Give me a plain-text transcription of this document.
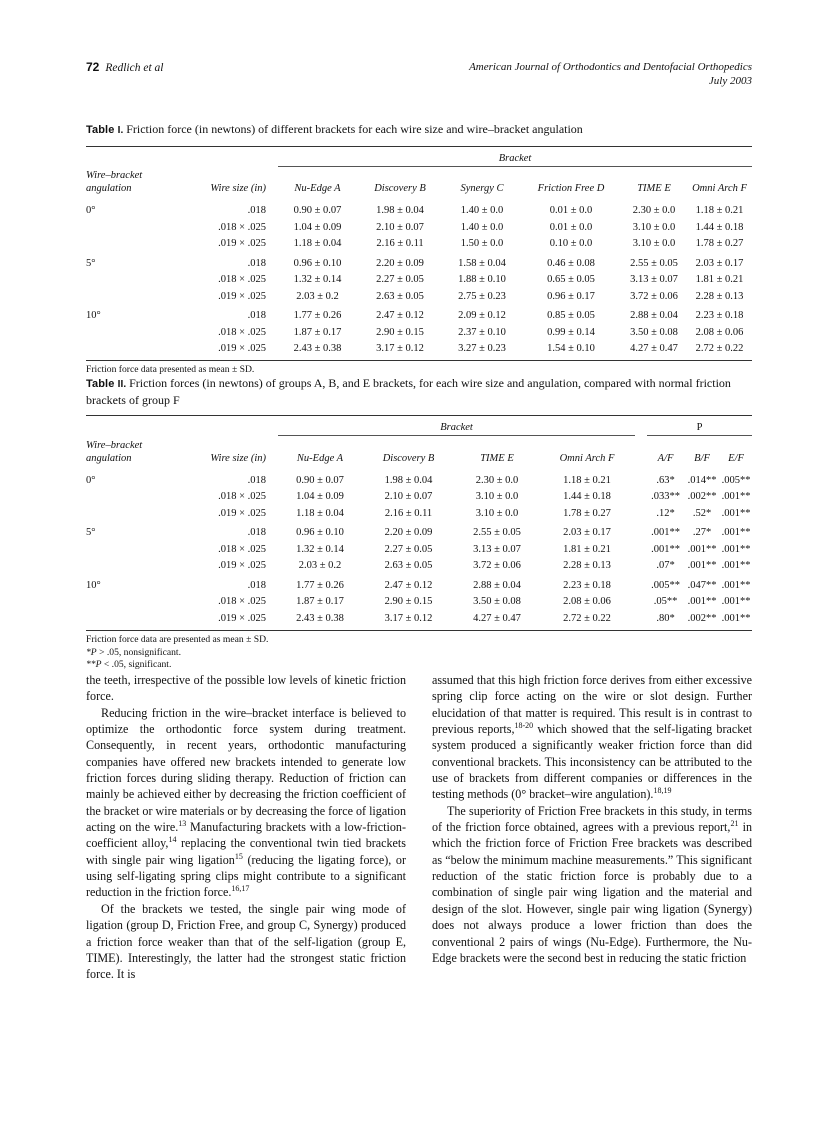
72 Redlich et al	American Journal of Orthodontics and Dentofacial Orthopedics
July 2003
Table I. Friction force (in newtons) of different brackets for each wire size and wire–bracket angulation
		Bracket					

Wire–bracket
angulation	Wire size (in)	Nu-Edge A	Discovery B	Synergy C	Friction Free D	TIME E	Omni Arch F
0°	.018	0.90 ± 0.07	1.98 ± 0.04	1.40 ± 0.0	0.01 ± 0.0	2.30 ± 0.0	1.18 ± 0.21
	.018 × .025	1.04 ± 0.09	2.10 ± 0.07	1.40 ± 0.0	0.01 ± 0.0	3.10 ± 0.0	1.44 ± 0.18
	.019 × .025	1.18 ± 0.04	2.16 ± 0.11	1.50 ± 0.0	0.10 ± 0.0	3.10 ± 0.0	1.78 ± 0.27
5°	.018	0.96 ± 0.10	2.20 ± 0.09	1.58 ± 0.04	0.46 ± 0.08	2.55 ± 0.05	2.03 ± 0.17
	.018 × .025	1.32 ± 0.14	2.27 ± 0.05	1.88 ± 0.10	0.65 ± 0.05	3.13 ± 0.07	1.81 ± 0.21
	.019 × .025	2.03 ± 0.2	2.63 ± 0.05	2.75 ± 0.23	0.96 ± 0.17	3.72 ± 0.06	2.28 ± 0.13
10°	.018	1.77 ± 0.26	2.47 ± 0.12	2.09 ± 0.12	0.85 ± 0.05	2.88 ± 0.04	2.23 ± 0.18
	.018 × .025	1.87 ± 0.17	2.90 ± 0.15	2.37 ± 0.10	0.99 ± 0.14	3.50 ± 0.08	2.08 ± 0.06
	.019 × .025	2.43 ± 0.38	3.17 ± 0.12	3.27 ± 0.23	1.54 ± 0.10	4.27 ± 0.47	2.72 ± 0.22
Friction force data presented as mean ± SD.
Table II. Friction forces (in newtons) of groups A, B, and E brackets, for each wire size and angulation, compared with normal friction brackets of group F
		Bracket					P		

Wire–bracket
angulation	Wire size (in)	Nu-Edge A	Discovery B	TIME E	Omni Arch F		A/F	B/F	E/F
0°	.018	0.90 ± 0.07	1.98 ± 0.04	2.30 ± 0.0	1.18 ± 0.21		.63*	.014**	.005**
	.018 × .025	1.04 ± 0.09	2.10 ± 0.07	3.10 ± 0.0	1.44 ± 0.18		.033**	.002**	.001**
	.019 × .025	1.18 ± 0.04	2.16 ± 0.11	3.10 ± 0.0	1.78 ± 0.27		.12*	.52*	.001**
5°	.018	0.96 ± 0.10	2.20 ± 0.09	2.55 ± 0.05	2.03 ± 0.17		.001**	.27*	.001**
	.018 × .025	1.32 ± 0.14	2.27 ± 0.05	3.13 ± 0.07	1.81 ± 0.21		.001**	.001**	.001**
	.019 × .025	2.03 ± 0.2	2.63 ± 0.05	3.72 ± 0.06	2.28 ± 0.13		.07*	.001**	.001**
10°	.018	1.77 ± 0.26	2.47 ± 0.12	2.88 ± 0.04	2.23 ± 0.18		.005**	.047**	.001**
	.018 × .025	1.87 ± 0.17	2.90 ± 0.15	3.50 ± 0.08	2.08 ± 0.06		.05**	.001**	.001**
	.019 × .025	2.43 ± 0.38	3.17 ± 0.12	4.27 ± 0.47	2.72 ± 0.22		.80*	.002**	.001**
Friction force data are presented as mean ± SD.
*P > .05, nonsignificant.
**P < .05, significant.

the teeth, irrespective of the possible low levels of kinetic friction force.

Reducing friction in the wire–bracket interface is believed to optimize the orthodontic force system during treatment. Consequently, in recent years, orthodontic manufacturing companies have offered new brackets intended to generate low friction forces during sliding therapy. Reduction of friction can mainly be achieved either by decreasing the friction coefficient of the bracket or wire materials or by decreasing the force of ligation acting on the wire.$^{13}$ Manufacturing brackets with a low-friction-coefficient alloy,$^{14}$ replacing the conventional twin tied brackets with single pair wing ligation$^{15}$ (reducing the ligating force), or using self-ligating spring clips might contribute to a significant reduction in the friction force.$^{16,17}$

Of the brackets we tested, the single pair wing mode of ligation (group D, Friction Free, and group C, Synergy) produced a friction force weaker than that of the self-ligation (group E, TIME). Interestingly, the latter had the strongest static friction force. It is

assumed that this high friction force derives from either excessive spring clip force acting on the wire or slot design. Further elucidation of that matter is required. This result is in contrast to previous reports,$^{18-20}$ which showed that the self-ligating bracket system produced a significantly weaker friction force than did conventional brackets. This inconsistency can be attributed to the use of brackets from different companies or differences in the testing methods (0° bracket–wire angulation).$^{18,19}$

The superiority of Friction Free brackets in this study, in terms of the friction force obtained, agrees with a previous report,$^{21}$ in which the friction force of Friction Free brackets was described as “below the minimum machine measurements.” This significant reduction of the static friction force is probably due to a combination of single pair wing ligation and the material and design of the slot. However, single pair wing ligation (Synergy) does not always produce a lower friction than does the conventional 2 pairs of wings (Nu-Edge). Furthermore, the Nu-Edge brackets were the second best in reducing the static friction
